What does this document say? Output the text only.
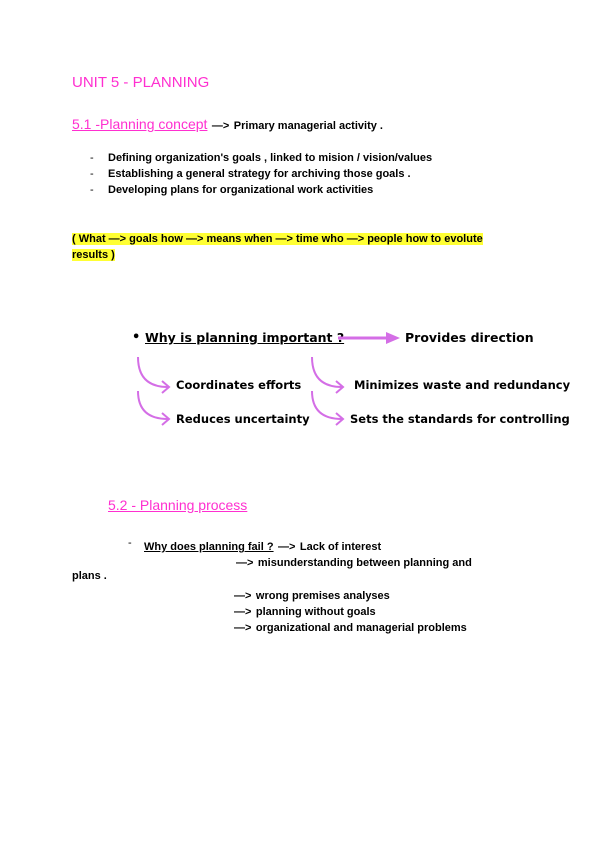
UNIT 5 - PLANNING
5.1 -Planning concept —> Primary managerial activity .
- Defining organization's goals , linked to mision / vision/values
- Establishing a general strategy for archiving those goals .
- Developing plans for organizational work activities
( What —> goals how —> means when —> time who —> people how to evolute
results )
• Why is planning important ?	Provides direction
Coordinates efforts	Minimizes waste and redundancy
Reduces uncertainty	Sets the standards for controlling
5.2 - Planning process
- Why does planning fail ? —> Lack of interest
—> misunderstanding between planning and
plans .
—> wrong premises analyses
—> planning without goals
—> organizational and managerial problems
